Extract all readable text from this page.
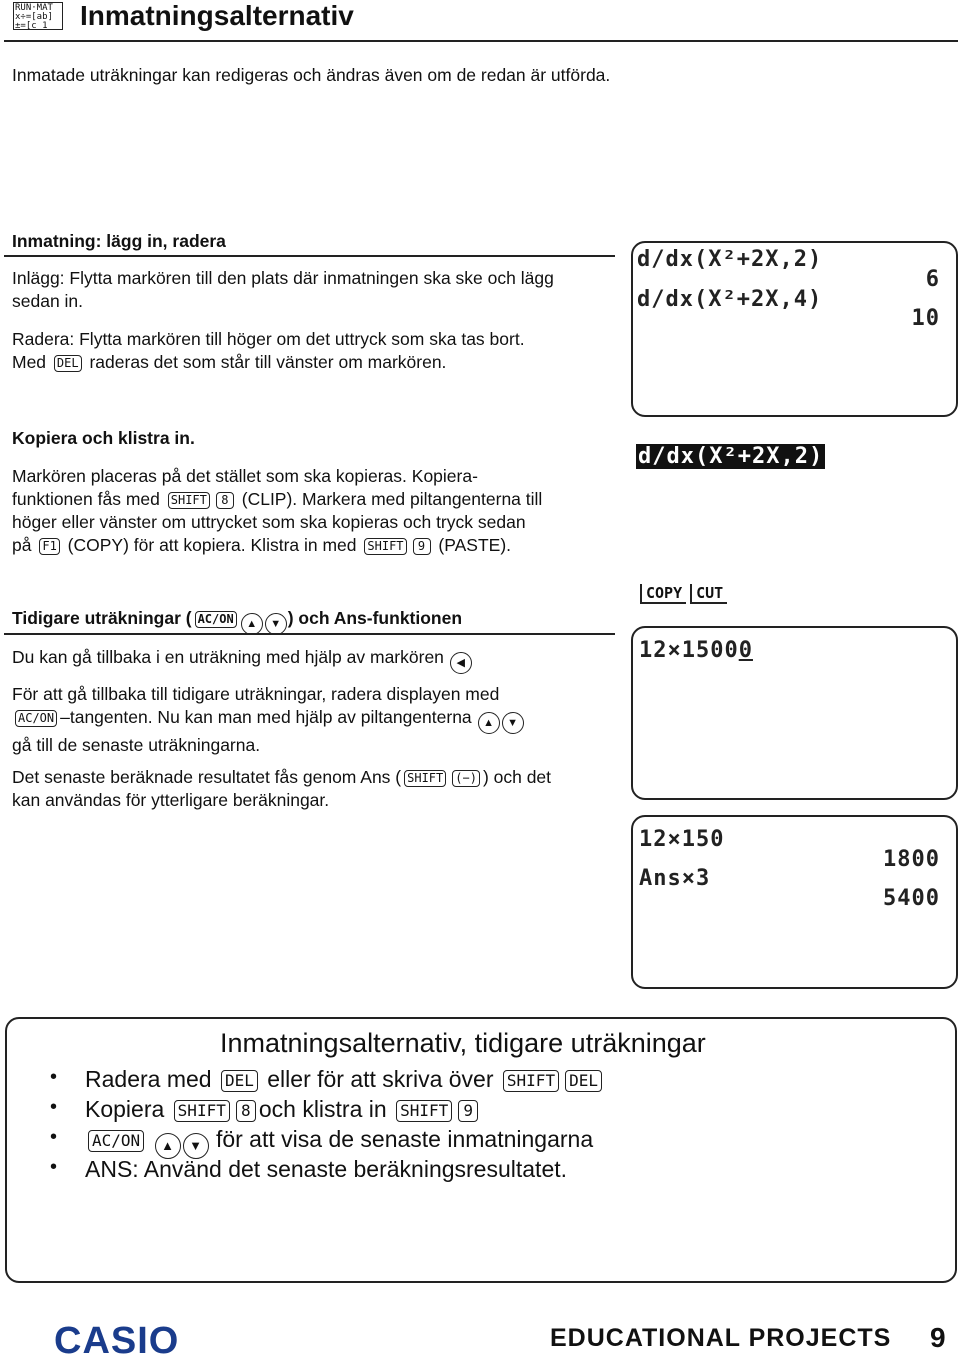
RUN·MAT
x÷=[ab]
±=[c 1	Inmatningsalternativ
Inmatade uträkningar kan redigeras och ändras även om de redan är utförda.
Inmatning: lägg in, radera
Inlägg: Flytta markören till den plats där inmatningen ska ske och lägg sedan in.
Radera: Flytta markören till höger om det uttryck som ska tas bort.
Med DEL raderas det som står till vänster om markören.
d/dx(X²+2X,2)
6
d/dx(X²+2X,4)
10
Kopiera och klistra in.
Markören placeras på det stället som ska kopieras. Kopiera-
funktionen fås med SHIFT 8 (CLIP). Markera med piltangenterna till
höger eller vänster om uttrycket som ska kopieras och tryck sedan
på F1 (COPY) för att kopiera. Klistra in med SHIFT 9 (PASTE).
d/dx(X²+2X,2)
COPY CUT
Tidigare uträkningar ( AC/ON ▲ ▼ ) och Ans-funktionen
Du kan gå tillbaka i en uträkning med hjälp av markören ◀
För att gå tillbaka till tidigare uträkningar, radera displayen med
AC/ON –tangenten. Nu kan man med hjälp av piltangenterna ▲ ▼
gå till de senaste uträkningarna.
Det senaste beräknade resultatet fås genom Ans ( SHIFT (−) ) och det
kan användas för ytterligare beräkningar.
12×15000
12×150
1800
Ans×3
5400
Inmatningsalternativ, tidigare uträkningar
• Radera med DEL eller för att skriva över SHIFT DEL
• Kopiera SHIFT 8 och klistra in SHIFT 9
•	AC/ON ▲ ▼ för att visa de senaste inmatningarna
• ANS: Använd det senaste beräkningsresultatet.
CASIO	EDUCATIONAL PROJECTS 9
